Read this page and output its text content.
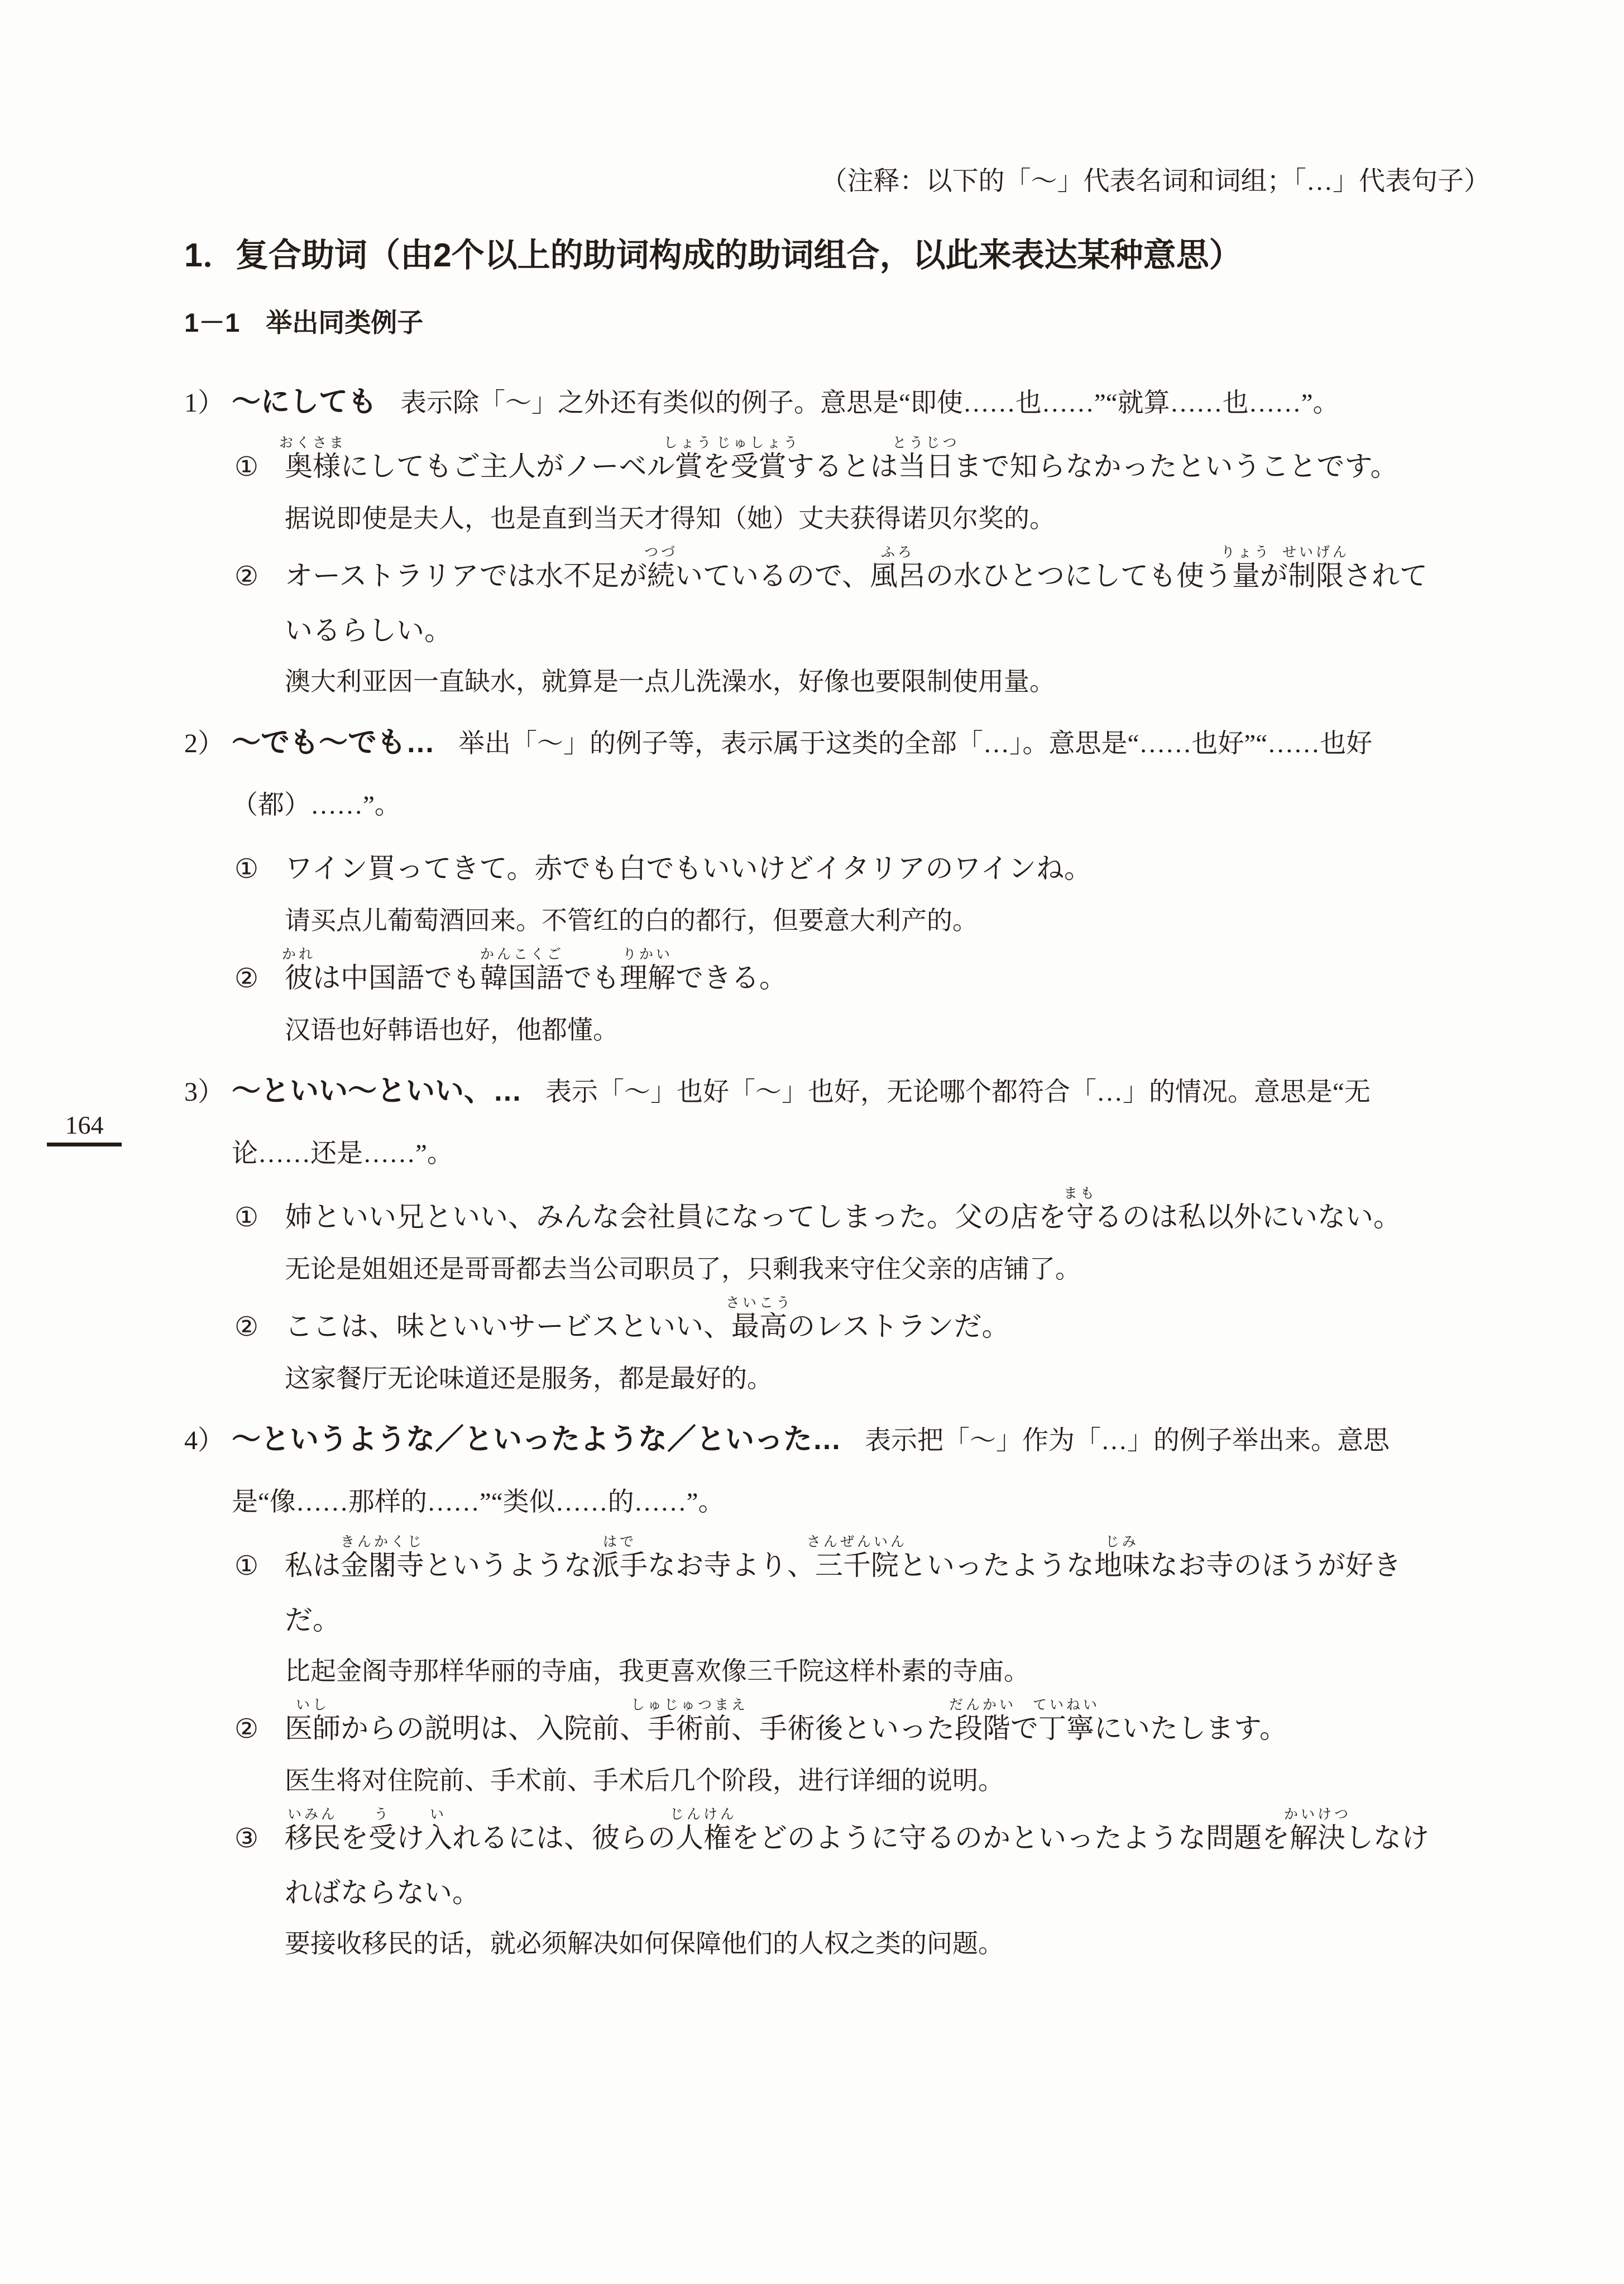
（注释：以下的「～」代表名词和词组；「…」代表句子）

1．复合助词（由2个以上的助词构成的助词组合，以此来表达某种意思）
1－1　举出同类例子

1） ～にしても 表示除「～」之外还有类似的例子。意思是“即使……也……”“就算……也……”。

① 奥様
おくさま
にしてもご主人がノーベル賞
しょう
を受賞
じゅしょう
するとは当日
とうじつ
まで知らなかったということです。

据说即使是夫人，也是直到当天才得知（她）丈夫获得诺贝尔奖的。

② オーストラリアでは水不足が続
つづ
いているので、風呂
ふろ
の水ひとつにしても使う量
りょう
が制限
せいげん
されているらしい。

澳大利亚因一直缺水，就算是一点儿洗澡水，好像也要限制使用量。

2） ～でも～でも… 举出「～」的例子等，表示属于这类的全部「…」。意思是“……也好”“……也好（都）……”。

① ワイン買ってきて。赤でも白でもいいけどイタリアのワインね。

请买点儿葡萄酒回来。不管红的白的都行，但要意大利产的。

② 彼
かれ
は中国語でも韓国語
かんこくご
でも理解
りかい
できる。

汉语也好韩语也好，他都懂。

3） ～といい～といい、… 表示「～」也好「～」也好，无论哪个都符合「…」的情况。意思是“无论……还是……”。

① 姉といい兄といい、みんな会社員になってしまった。父の店を守
まも
るのは私以外にいない。

无论是姐姐还是哥哥都去当公司职员了，只剩我来守住父亲的店铺了。

② ここは、味といいサービスといい、最高
さいこう
のレストランだ。

这家餐厅无论味道还是服务，都是最好的。

4） ～というような／といったような／といった… 表示把「～」作为「…」的例子举出来。意思是“像……那样的……”“类似……的……”。

① 私は金閣寺
きんかくじ
というような派手
はで
なお寺より、三千院
さんぜんいん
といったような地味
じみ
なお寺のほうが好きだ。

比起金阁寺那样华丽的寺庙，我更喜欢像三千院这样朴素的寺庙。

② 医師
いし
からの説明は、入院前、手術前
しゅじゅつまえ
、手術後といった段階
だんかい
で丁寧
ていねい
にいたします。

医生将对住院前、手术前、手术后几个阶段，进行详细的说明。

③ 移民
いみん
を受
う
け入
い
れるには、彼らの人権
じんけん
をどのように守るのかといったような問題を解決
かいけつ
しなければならない。

要接收移民的话，就必须解决如何保障他们的人权之类的问题。

164
